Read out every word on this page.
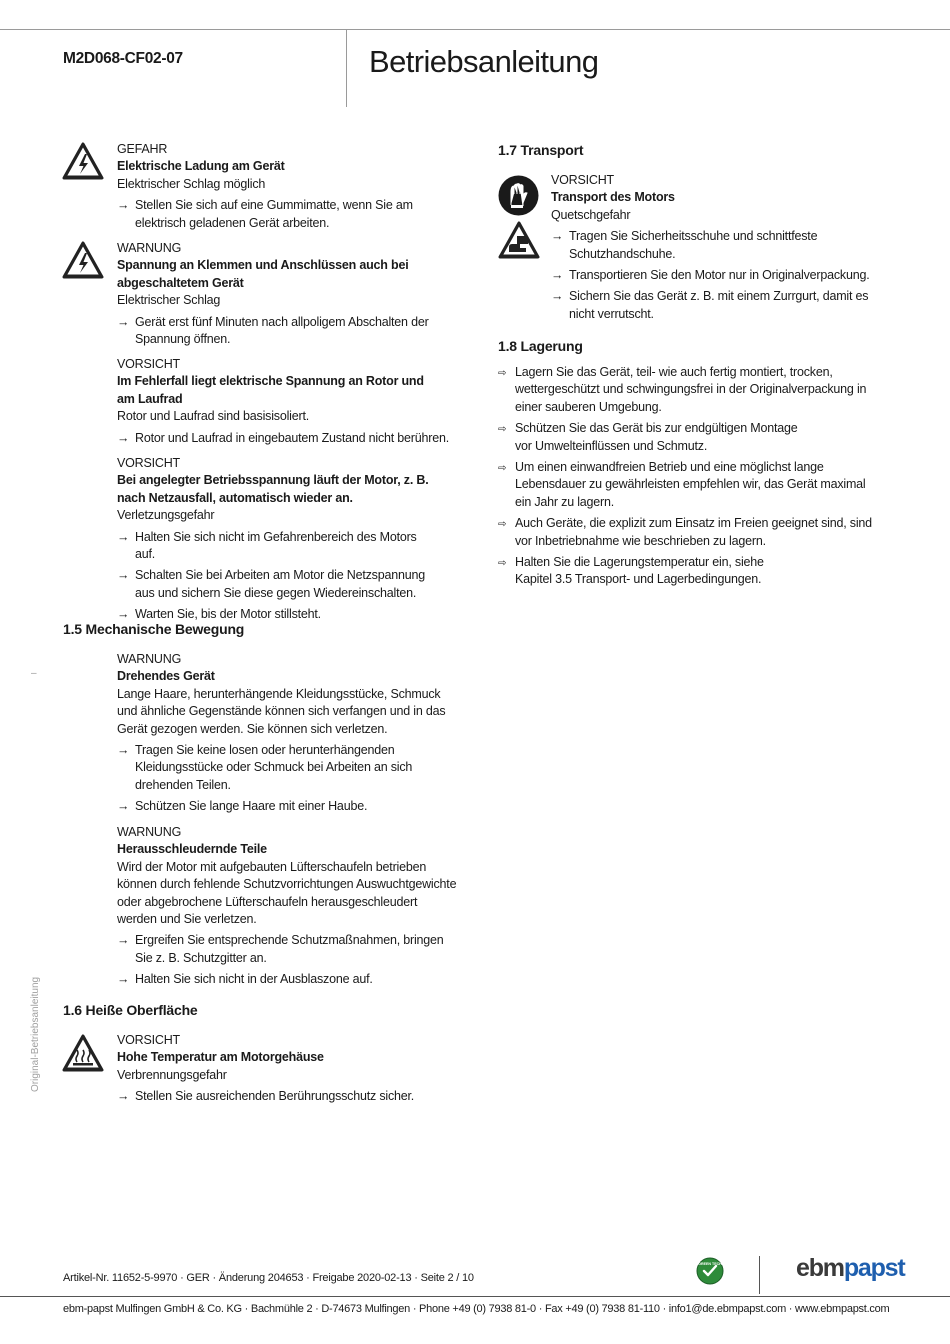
M2D068-CF02-07	Betriebsanleitung
GEFAHR
Elektrische Ladung am Gerät
Elektrischer Schlag möglich
→ Stellen Sie sich auf eine Gummimatte, wenn Sie am elektrisch geladenen Gerät arbeiten.
WARNUNG
Spannung an Klemmen und Anschlüssen auch bei abgeschaltetem Gerät
Elektrischer Schlag
→ Gerät erst fünf Minuten nach allpoligem Abschalten der Spannung öffnen.
VORSICHT
Im Fehlerfall liegt elektrische Spannung an Rotor und am Laufrad
Rotor und Laufrad sind basisisoliert.
→ Rotor und Laufrad in eingebautem Zustand nicht berühren.
VORSICHT
Bei angelegter Betriebsspannung läuft der Motor, z. B. nach Netzausfall, automatisch wieder an.
Verletzungsgefahr
→ Halten Sie sich nicht im Gefahrenbereich des Motors auf.
→ Schalten Sie bei Arbeiten am Motor die Netzspannung aus und sichern Sie diese gegen Wiedereinschalten.
→ Warten Sie, bis der Motor stillsteht.
1.5 Mechanische Bewegung
WARNUNG
Drehendes Gerät
Lange Haare, herunterhängende Kleidungsstücke, Schmuck und ähnliche Gegenstände können sich verfangen und in das Gerät gezogen werden. Sie können sich verletzen.
→ Tragen Sie keine losen oder herunterhängenden Kleidungsstücke oder Schmuck bei Arbeiten an sich drehenden Teilen.
→ Schützen Sie lange Haare mit einer Haube.
WARNUNG
Herausschleudernde Teile
Wird der Motor mit aufgebauten Lüfterschaufeln betrieben können durch fehlende Schutzvorrichtungen Auswuchtgewichte oder abgebrochene Lüfterschaufeln herausgeschleudert werden und Sie verletzen.
→ Ergreifen Sie entsprechende Schutzmaßnahmen, bringen Sie z. B. Schutzgitter an.
→ Halten Sie sich nicht in der Ausblaszone auf.
1.6 Heiße Oberfläche
VORSICHT
Hohe Temperatur am Motorgehäuse
Verbrennungsgefahr
→ Stellen Sie ausreichenden Berührungsschutz sicher.
1.7 Transport
VORSICHT
Transport des Motors
Quetschgefahr
→ Tragen Sie Sicherheitsschuhe und schnittfeste Schutzhandschuhe.
→ Transportieren Sie den Motor nur in Originalverpackung.
→ Sichern Sie das Gerät z. B. mit einem Zurrgurt, damit es nicht verrutscht.
1.8 Lagerung
⇨ Lagern Sie das Gerät, teil- wie auch fertig montiert, trocken, wettergeschützt und schwingungsfrei in der Originalverpackung in einer sauberen Umgebung.
⇨ Schützen Sie das Gerät bis zur endgültigen Montage vor Umwelteinflüssen und Schmutz.
⇨ Um einen einwandfreien Betrieb und eine möglichst lange Lebensdauer zu gewährleisten empfehlen wir, das Gerät maximal ein Jahr zu lagern.
⇨ Auch Geräte, die explizit zum Einsatz im Freien geeignet sind, sind vor Inbetriebnahme wie beschrieben zu lagern.
⇨ Halten Sie die Lagerungstemperatur ein, siehe Kapitel 3.5 Transport- und Lagerbedingungen.
–
Original-Betriebsanleitung
Artikel-Nr. 11652-5-9970 · GER · Änderung 204653 · Freigabe 2020-02-13 · Seite 2 / 10
GREEN TECH	ebmpapst
ebm-papst Mulfingen GmbH & Co. KG · Bachmühle 2 · D-74673 Mulfingen · Phone +49 (0) 7938 81-0 · Fax +49 (0) 7938 81-110 · info1@de.ebmpapst.com · www.ebmpapst.com
